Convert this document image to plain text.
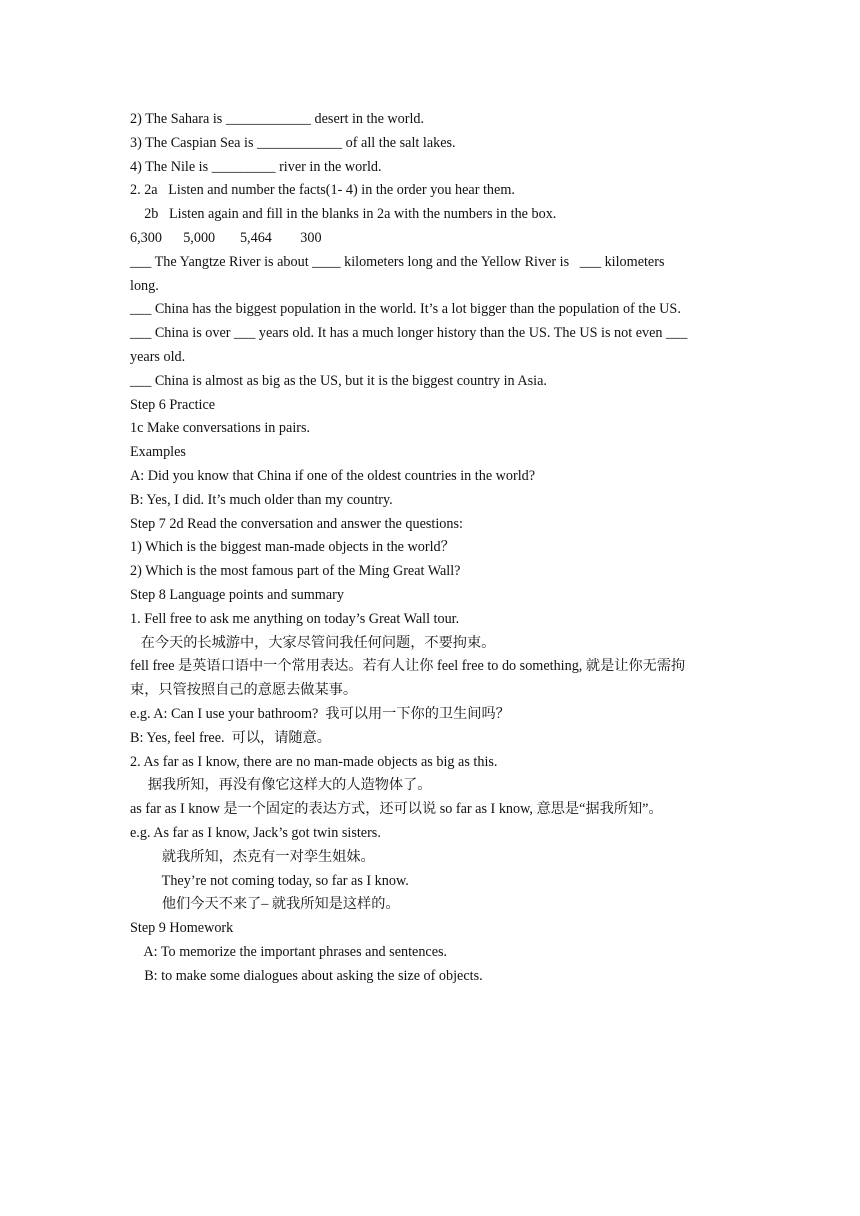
2) The Sahara is ____________ desert in the world.
3) The Caspian Sea is ____________ of all the salt lakes.
4) The Nile is _________ river in the world.
2. 2a   Listen and number the facts(1- 4) in the order you hear them.
2b   Listen again and fill in the blanks in 2a with the numbers in the box.
6,300      5,000       5,464        300
___ The Yangtze River is about ____ kilometers long and the Yellow River is   ___ kilometers
long.
___ China has the biggest population in the world. It’s a lot bigger than the population of the US.
___ China is over ___ years old. It has a much longer history than the US. The US is not even ___
years old.
___ China is almost as big as the US, but it is the biggest country in Asia.
Step 6 Practice
1c Make conversations in pairs.
Examples
A: Did you know that China if one of the oldest countries in the world?
B: Yes, I did. It’s much older than my country.
Step 7 2d Read the conversation and answer the questions:
1) Which is the biggest man-made objects in the world？
2) Which is the most famous part of the Ming Great Wall?
Step 8 Language points and summary
1. Fell free to ask me anything on today’s Great Wall tour.
在今天的长城游中，大家尽管问我任何问题，不要拘束。
fell free 是英语口语中一个常用表达。若有人让你 feel free to do something, 就是让你无需拘
束，只管按照自己的意愿去做某事。
e.g. A: Can I use your bathroom?  我可以用一下你的卫生间吗？
B: Yes, feel free.  可以，请随意。
2. As far as I know, there are no man-made objects as big as this.
据我所知，再没有像它这样大的人造物体了。
as far as I know 是一个固定的表达方式，还可以说 so far as I know, 意思是“据我所知”。
e.g. As far as I know, Jack’s got twin sisters.
就我所知，杰克有一对孪生姐妹。
They’re not coming today, so far as I know.
他们今天不来了– 就我所知是这样的。
Step 9 Homework
A: To memorize the important phrases and sentences.
B: to make some dialogues about asking the size of objects.
